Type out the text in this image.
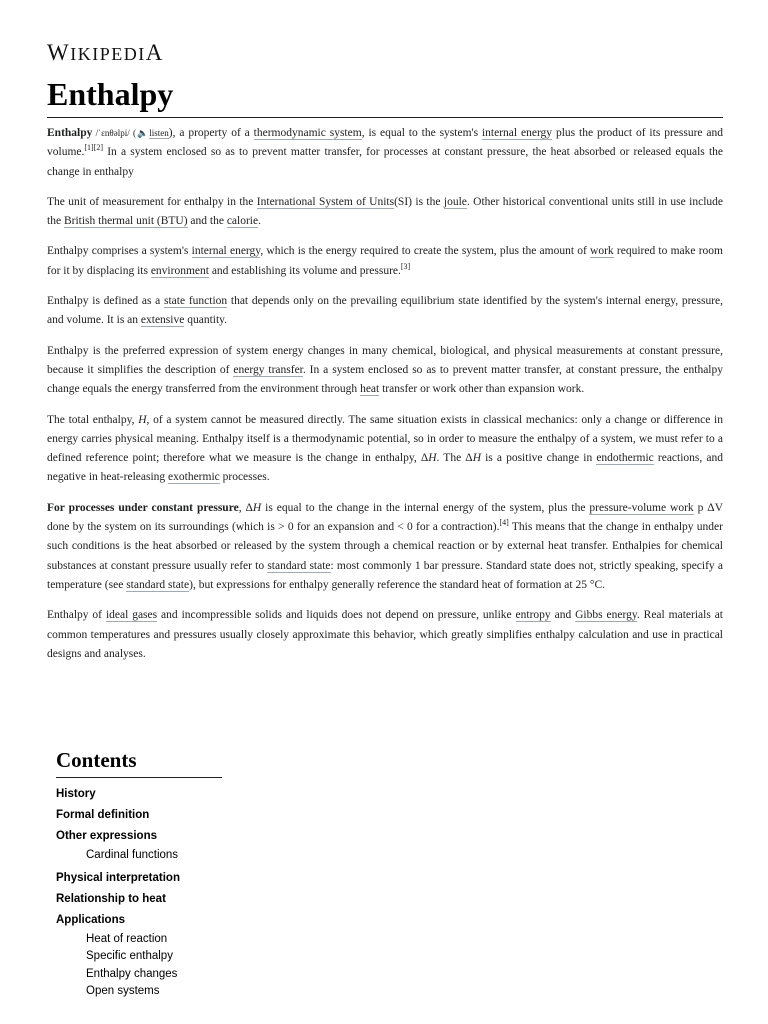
WIKIPEDIA
Enthalpy

Enthalpy /ˈɛnθəlpi/ (🔈listen), a property of a thermodynamic system, is equal to the system's internal energy plus the product of its pressure and volume.[1][2] In a system enclosed so as to prevent matter transfer, for processes at constant pressure, the heat absorbed or released equals the change in enthalpy

The unit of measurement for enthalpy in the International System of Units(SI) is the joule. Other historical conventional units still in use include the British thermal unit (BTU) and the calorie.

Enthalpy comprises a system's internal energy, which is the energy required to create the system, plus the amount of work required to make room for it by displacing its environment and establishing its volume and pressure.[3]

Enthalpy is defined as a state function that depends only on the prevailing equilibrium state identified by the system's internal energy, pressure, and volume. It is an extensive quantity.

Enthalpy is the preferred expression of system energy changes in many chemical, biological, and physical measurements at constant pressure, because it simplifies the description of energy transfer. In a system enclosed so as to prevent matter transfer, at constant pressure, the enthalpy change equals the energy transferred from the environment through heat transfer or work other than expansion work.

The total enthalpy, H, of a system cannot be measured directly. The same situation exists in classical mechanics: only a change or difference in energy carries physical meaning. Enthalpy itself is a thermodynamic potential, so in order to measure the enthalpy of a system, we must refer to a defined reference point; therefore what we measure is the change in enthalpy, ΔH. The ΔH is a positive change in endothermic reactions, and negative in heat-releasing exothermic processes.

For processes under constant pressure, ΔH is equal to the change in the internal energy of the system, plus the pressure-volume work p ΔV done by the system on its surroundings (which is > 0 for an expansion and < 0 for a contraction).[4] This means that the change in enthalpy under such conditions is the heat absorbed or released by the system through a chemical reaction or by external heat transfer. Enthalpies for chemical substances at constant pressure usually refer to standard state: most commonly 1 bar pressure. Standard state does not, strictly speaking, specify a temperature (see standard state), but expressions for enthalpy generally reference the standard heat of formation at 25 °C.

Enthalpy of ideal gases and incompressible solids and liquids does not depend on pressure, unlike entropy and Gibbs energy. Real materials at common temperatures and pressures usually closely approximate this behavior, which greatly simplifies enthalpy calculation and use in practical designs and analyses.

Contents
History
Formal definition
Other expressions
Cardinal functions
Physical interpretation
Relationship to heat
Applications
Heat of reaction
Specific enthalpy
Enthalpy changes
Open systems
